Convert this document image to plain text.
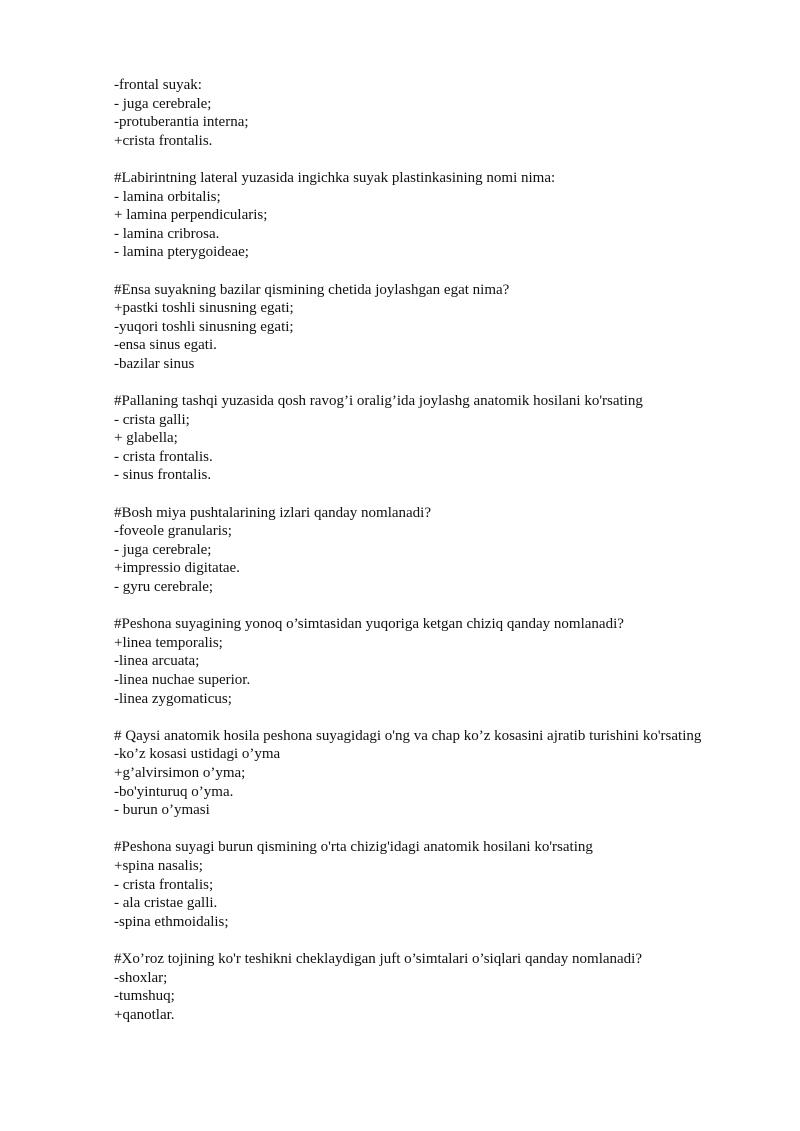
-frontal suyak:
- juga cerebrale;
-protuberantia interna;
+crista frontalis.
#Labirintning lateral yuzasida ingichka suyak plastinkasining nomi nima:
- lamina orbitalis;
+ lamina perpendicularis;
- lamina cribrosa.
- lamina pterygoideae;
#Ensa suyakning bazilar qismining chetida joylashgan egat nima?
+pastki toshli sinusning egati;
-yuqori toshli sinusning egati;
-ensa sinus egati.
-bazilar sinus
#Pallaning tashqi yuzasida qosh ravog’i oralig’ida joylashg anatomik hosilani ko'rsating
- crista galli;
+ glabella;
- crista frontalis.
- sinus frontalis.
#Bosh miya pushtalarining izlari qanday nomlanadi?
-foveole granularis;
- juga cerebrale;
+impressio digitatae.
- gyru cerebrale;
#Peshona suyagining yonoq o’simtasidan yuqoriga ketgan chiziq qanday nomlanadi?
+linea temporalis;
-linea arcuata;
-linea nuchae superior.
-linea zygomaticus;
# Qaysi anatomik hosila peshona suyagidagi o'ng va chap ko’z kosasini ajratib turishini ko'rsating
-ko’z kosasi ustidagi o’yma
+g’alvirsimon o’yma;
-bo'yinturuq o’yma.
- burun o’ymasi
#Peshona suyagi burun qismining o'rta chizig'idagi anatomik hosilani ko'rsating
+spina nasalis;
- crista frontalis;
- ala cristae galli.
-spina ethmoidalis;
#Xo’roz tojining ko'r teshikni cheklaydigan juft o’simtalari o’siqlari qanday nomlanadi?
-shoxlar;
-tumshuq;
+qanotlar.
